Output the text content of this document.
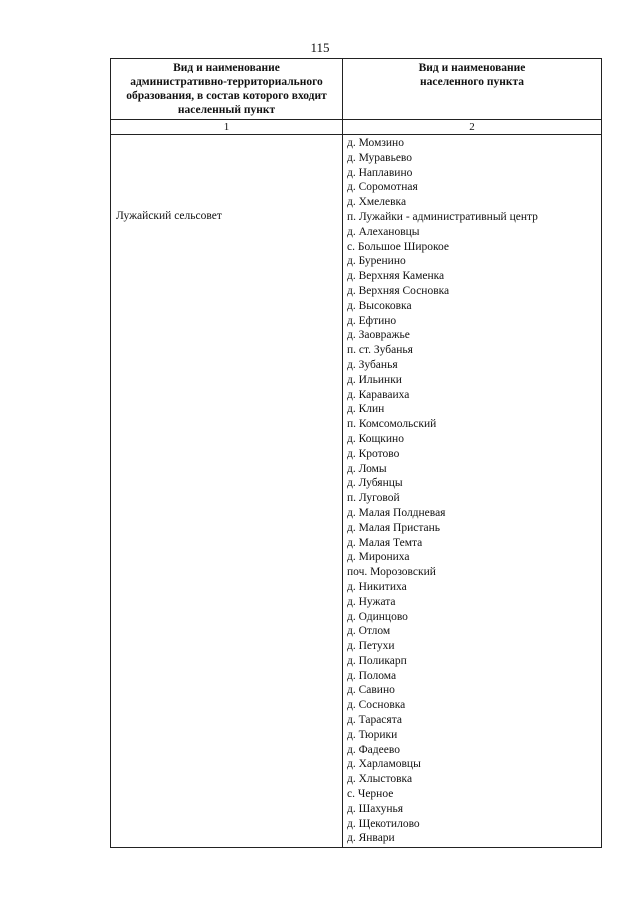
115
Вид и наименование
административно-территориального
образования, в состав которого входит
населенный пункт
Вид и наименование
населенного пункта
1	2
Лужайский сельсовет
д. Момзино
д. Муравьево
д. Наплавино
д. Соромотная
д. Хмелевка
п. Лужайки - административный центр
д. Алехановцы
с. Большое Широкое
д. Буренино
д. Верхняя Каменка
д. Верхняя Сосновка
д. Высоковка
д. Ефтино
д. Заовражье
п. ст. Зубанья
д. Зубанья
д. Ильинки
д. Караваиха
д. Клин
п. Комсомольский
д. Кощкино
д. Кротово
д. Ломы
д. Лубянцы
п. Луговой
д. Малая Полдневая
д. Малая Пристань
д. Малая Темта
д. Мирониха
поч. Морозовский
д. Никитиха
д. Нужата
д. Одинцово
д. Отлом
д. Петухи
д. Поликарп
д. Полома
д. Савино
д. Сосновка
д. Тарасята
д. Тюрики
д. Фадеево
д. Харламовцы
д. Хлыстовка
с. Черное
д. Шахунья
д. Щекотилово
д. Январи
